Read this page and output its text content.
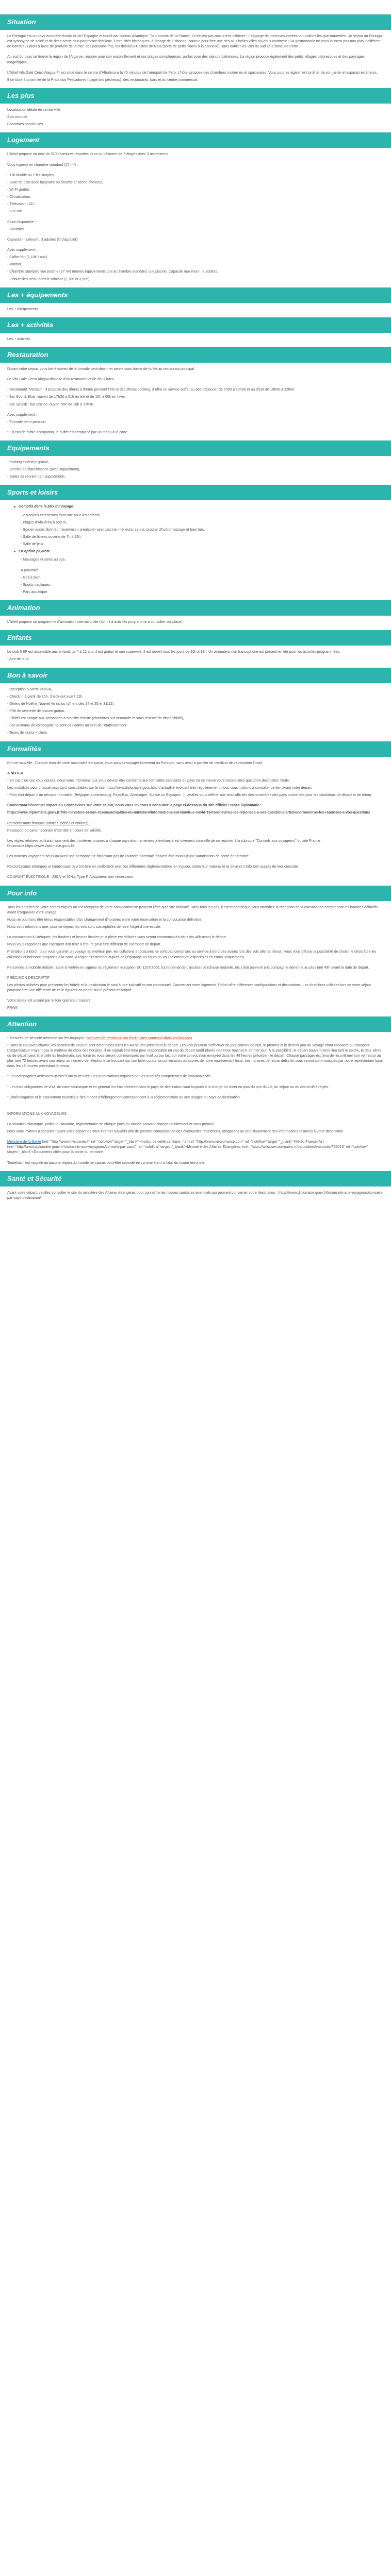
Situation

Le Portugal est un pays européen frontalier de l'Espagne et bordé par l'océan Atlantique. Tout proche de la France, il n'en est pas moins très différent ! Il regorge de richesses variées tant culturelles que naturelles. Un séjour au Portugal est synonyme de soleil et de découverte d'un patrimoine fabuleux. Entre cités historiques, à l'image de Lisbonne, connue pour être une des plus belles villes du vieux continent ! Sa gastronomie ne vous laissera pas non plus indifférent : de nombreux plats à base de produits de la mer, des poissons frits, les délicieux Pasteis de Nata (sorte de petits flancs à la cannelle), sans oublier les vins du sud et la fameuse Porto.

Au sud du pays se trouve la région de l'Algarve, réputée pour son ensoleillement et ses plages somptueuses, parfait pour des séjours balnéaires. La région propose également des petits villages pittoresques et des paysages magnifiques.

L'hôtel Vila Galé Cerro Alagoa 4* est situé dans le centre d'Albufeira à la 45 minutes de l'aéroport de Faro. L'hôtel propose des chambres modernes et spacieuses. Vous pourrez également profiter de son jardin et espaces extérieurs.

Il se situe à proximité de la Praia dos Pescadores (plage des pêcheurs), des restaurants, bars et du centre commercial.

Les plus

Localisation idéale en centre ville

Spa complet

Chambres spacieuses

Logement

L'hôtel propose un total de 310 chambres réparties dans un bâtiment de 7 étages avec 3 ascenseurs.

Vous logerez en chambre standard (27 m²) :

- 1 lit double ou 2 lits simples,

- Salle de bain avec baignoire ou douche et sèche-cheveux,

- Wi-Fi gratuit,

- Climatisation,

- Télévision LCD,

- Vue rue.

Salon disponible :

- Boudoirs.

Capacité maximum : 3 adultes (lit d'appoint)

Avec supplément :

- Coffre-fort (2,10€ / nuit),

- Minibar,

- Chambre standard vue piscine (27 m²) mêmes équipements que la chambre standard, vue piscine. Capacité maximum : 3 adultes.

- 2 bouteilles d'eau dans le minibar (2,70€ et 3,50€).

Les + équipements

Les + équipements

Les + activités

Les + activités

Restauration

Durant votre séjour, vous bénéficierez de la formule petit-déjeuner servie sous forme de buffet au restaurant principal.

Le Vila Galé Cerro Alagoa dispose d'un restaurant et de deux bars :

- Restaurant "Versatil" : il propose des dîners à thème pendant l'été et des shows cooking. Il offre un service buffet au petit-déjeuner de 7h00 à 10h30 et au dîner de 19h00 à 22h00.

- Bar Sool & Blue : ouvert de 17h30 à 01h en été et de 10h à 00h en hiver.

- Bar Splash : bar piscine, ouvert l'été de 10h à 17h30.

Avec supplément :

- Formule demi-pension.

* En cas de faible occupation, le buffet est remplacé par un menu à la carte.

Equipements

- Parking extérieur gratuit,

- Service de blanchisserie (avec supplément),

- Salles de réunion (en supplément).

Sports et loisirs
Compris dans le prix du voyage

- 2 piscines extérieures dont une pour les enfants,

- Plages d'Albufeira à 500 m,

- Spa en accès libre (sur réservation préalable) avec piscine intérieure, sauna, piscine d'hydromassage et bain turc,

- Salle de fitness ouverte de 7h à 22h,

- Salle de jeux.

En option payante

- Massages et soins au spa.

A proximité :

- Golf à 5km,

- Sports nautiques,

- Parc aquatique.

Animation

L'hôtel propose un programme d'animation internationale (dont il à activités programme à consulter sur place).

Enfants

Le club NEP est accessible aux enfants de 4 à 12 ans, il est gratuit et non supervisé. Il est ouvert tous les jours de 10h à 19h. Un animateur non francophone est présent en été pour les activités programmées.

- Aire de jeux.

Bon à savoir

- Réception ouverte 24h/24,

- Check in à partir de 15h, check-out avant 12h,

- Dîners de Noël et Nouvel An inclus (dîners des 24 et 25 et 31/12),

- Prêt de serviette de piscine gratuit,

- L'hôtel est adapté aux personnes à mobilité réduite (chambres sur demande et sous réserve de disponibilité),

- Les animaux de compagnie ne sont pas admis au sein de l'établissement.

- Taxes de séjour incluse.

Formalités

Bonne nouvelle : Compte tenu de votre nationalité française, vous pouvez voyager librement au Portugal, sans avoir à justifier de certificat de vaccination Covid.

A NOTER

- En cas d'un ces vous doutez, nous vous informons que vous devrez être conforme aux formalités sanitaires du pays où se trouve votre escale ainsi que votre destination finale.

Les modalités pour chaque pays sont consultables sur le site https://www.diplomatie.gouv.fr/fr/ L'actualité évoluant très régulièrement, nous vous invitons à consulter ce lien avant votre départ.

- Pour tout départ d'un aéroport frontalier (Belgique, Luxembourg, Pays-Bas, Allemagne, Suisse ou Espagne...), veuillez vous référer aux sites officiels des ministères des pays concernés pour les conditions de départ et de retour.

Concernant l'éventuel impact du Coronavirus sur votre séjour, nous vous invitons à consulter la page ci-dessous du site officiel France Diplomatie :

https://www.diplomatie.gouv.fr/fr/le-ministere-et-son-reseau/actualites-du-ministere/informations-coronavirus-covid-19/coronavirus-les-reponses-a-vos-questions/article/coronavirus-les-reponses-a-vos-questions

Ressortissants français (adultes, bébés et enfants) :

Passeport ou carte nationale d'identité en cours de validité.

Les règles relatives au franchissement des frontières propres à chaque pays étant amenées à évoluer, il est vivement conseillé de se reporter à la rubrique "Conseils aux voyageurs" du site France Diplomatie.https://www.diplomatie.gouv.fr/

Les mineurs voyageant seuls ou avec une personne ne disposant pas de l'autorité parentale doivent être munis d'une autorisation de sortie de territoire.

Ressortissants étrangers et binationaux devront être en conformité avec les différentes réglementations en vigueur, selon leur nationalité et devront s'informer auprès de leur consulat.

COURANT ÉLECTRIQUE : 230 V et 50Hz, Type F. Adaptateur non nécessaire.

Pour info

Tous les horaires de votre communiqués ou est réception de votre convocation ne peuvent l'être qu'à titre indicatif. Dans tous les cas, il est impératif que vous attendiez la réception de la convocation comprenant les horaires définitifs avant d'organiser votre voyage.

Nous ne pourrons être tenus responsables d'un changement d'horaires entre votre réservation et la convocation définitive.

Nous vous informons que, pour ce séjour, les vols sont susceptibles de faire l'objet d'une escale.

La convocation à l'aéroport, les horaires et heures locales et la pièce est délivrée vous seront communiqués dans les 48h avant le départ.

Nous vous rappelons que l'aéroport doit tenir à l'heure peut être différent de l'aéroport de départ.

Prestations à bord : pour vous garantir un voyage au meilleur prix, les collations et boissons ne sont pas comprises au service à bord des avions lors des vols aller et retour ; vous vous offrons la possibilité de choisir le choix libre les collations et boissons proposés à la carte, à régler directement auprès de l'équipage au cours du vol (paiement en espèces et en euros uniquement).

Personnes à mobilité réduite : suite à l'entrée en vigueur du règlement européen EU 1107/2006, toute demande d'assistance (chaise roulante, etc.) doit parvenir à la compagnie aérienne au plus tard 48h avant la date de départ.

PRÉCISION DESCRIPTIF

Les photos utilisées pour présenter les hôtels et la destination le sont à titre indicatif et non contractuel. Concernant votre logement, l'hôtel offre différentes configurations et décorations. Les chambres utilisées lors de votre séjour pourront être une différente de celle figurant en photo sur le présent descriptif.

Votre séjour est assuré par le tour opérateur suivant :

FRAM

Attention

* Mesures de sécurité aérienne sur les bagages : mesures de restriction sur les liquides contenus dans les bagages

* Dans le cas avec charter, les horaires de vous et sont déterminés dans les 48 heures précédent le départ. Les vols peuvent s'effectuer de jour comme de nuit, le premier et le dernier jour du voyage étant consacré au transport. L'organisateur n'ayant pas la maîtrise du choix des horaires, il ne saurait être tenu pour responsable en cas de départ tardif (durée de retour matinal et dernier jour. À la possibilité, le départ pouvant avoir lieu tard le soirée, la date pilote ou de départ peut être celle du lendemain. Les horaires vous seront communiqués par mail ou par fax, sur votre convocation envoyée dans les 48 heures précédent le départ. Chaque passager est tenu de reconfirmer son vol retour au plus tard 72 heures avant son retour au numéro de téléphone se trouvant sur son billet ou sur sa convocation ou auprès de notre représentant local. Les horaires de retour définitifs vous seront communiqués par notre représentant local dans les 48 heures précédant le retour.

* Les compagnies aériennes utilisées ont toutes reçu les autorisations requises par les autorités compétentes de l'aviation civile.

* Les frais obligatoires de visa, de carte touristique et en général les frais d'entrée dans le pays de destination sont toujours à la charge du client en plus du prix du vol, du séjour ou du circuit déjà réglés.

* Chaînologation et le classement touristique des modes d'hébergement correspondent à la réglementation ou aux usages du pays de destination.

INFORMATIONS AUX VOYAGEURS :

La situation climatique, politique, sanitaire, réglementaire de chaque pays du monde pouvant changer subitement et sans préavis

nous vous invitons à consulter avant votre départ les sites internet suivants afin de prendre connaissance des éventuelles restrictions, obligations ou tout simplement des informations relatives à votre destination.

Ministère de la Santé href="http://www.invs.sante.fr" rel="nofollow" target="_blank">Institut de veille sanitaire, <a href="http://www.meteofrance.com" rel="nofollow" target="_blank">Météo France</a> href="http://www.diplomatie.gouv.fr/fr/conseils-aux-voyageurs/conseils-par-pays/" rel="nofollow" target="_blank">Ministère des Affaires Étrangères, href="https://www.service-public.fr/particuliers/vosdroits/F33013" rel="nofollow" target="_blank">Documents utiles pour la sortie du territoire.

Toutefois il est rappelé qu'aucune région du monde ne saurait peut-être considérée comme étant à l'abri du risque terroriste.

Santé et Sécurité

Avant votre départ, veuillez consulter le site du ministère des Affaires étrangères pour connaître les risques sanitaires éventuels qui peuvent concerner votre destination : https://www.diplomatie.gouv.fr/fr/conseils-aux-voyageurs/conseils-par-pays-destination/
